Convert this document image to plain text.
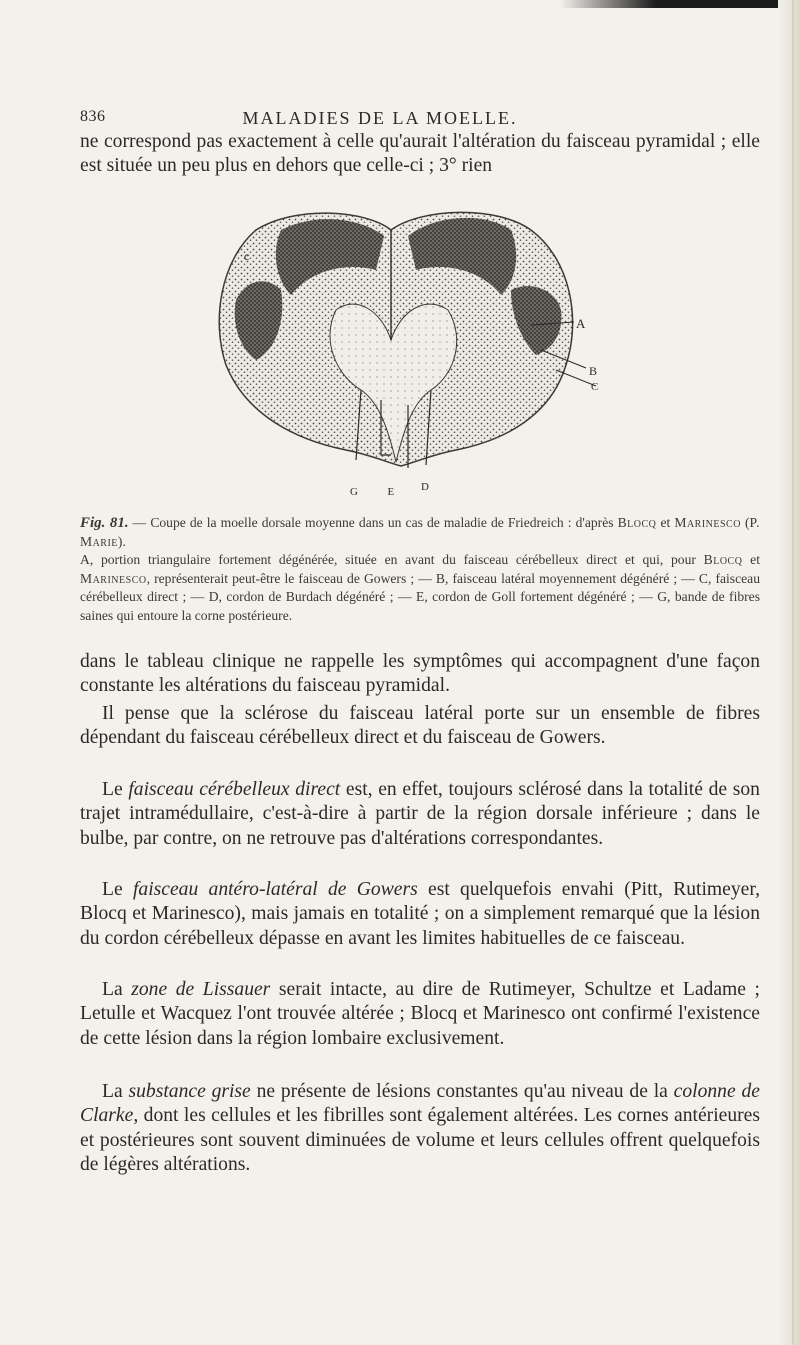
836	MALADIES DE LA MOELLE.

ne correspond pas exactement à celle qu'aurait l'altération du faisceau pyramidal ; elle est située un peu plus en dehors que celle-ci ; 3° rien

c
A
B
C
D
G	E
Fig. 81. — Coupe de la moelle dorsale moyenne dans un cas de maladie de Friedreich : d'après Blocq et Marinesco (P. Marie).
A, portion triangulaire fortement dégénérée, située en avant du faisceau cérébelleux direct et qui, pour Blocq et Marinesco, représenterait peut-être le faisceau de Gowers ; — B, faisceau latéral moyennement dégénéré ; — C, faisceau cérébelleux direct ; — D, cordon de Burdach dégénéré ; — E, cordon de Goll fortement dégénéré ; — G, bande de fibres saines qui entoure la corne postérieure.

dans le tableau clinique ne rappelle les symptômes qui accompagnent d'une façon constante les altérations du faisceau pyramidal.

Il pense que la sclérose du faisceau latéral porte sur un ensemble de fibres dépendant du faisceau cérébelleux direct et du faisceau de Gowers.

Le faisceau cérébelleux direct est, en effet, toujours sclérosé dans la totalité de son trajet intramédullaire, c'est-à-dire à partir de la région dorsale inférieure ; dans le bulbe, par contre, on ne retrouve pas d'altérations correspondantes.

Le faisceau antéro-latéral de Gowers est quelquefois envahi (Pitt, Rutimeyer, Blocq et Marinesco), mais jamais en totalité ; on a simplement remarqué que la lésion du cordon cérébelleux dépasse en avant les limites habituelles de ce faisceau.

La zone de Lissauer serait intacte, au dire de Rutimeyer, Schultze et Ladame ; Letulle et Wacquez l'ont trouvée altérée ; Blocq et Marinesco ont confirmé l'existence de cette lésion dans la région lombaire exclusivement.

La substance grise ne présente de lésions constantes qu'au niveau de la colonne de Clarke, dont les cellules et les fibrilles sont également altérées. Les cornes antérieures et postérieures sont souvent diminuées de volume et leurs cellules offrent quelquefois de légères altérations.
